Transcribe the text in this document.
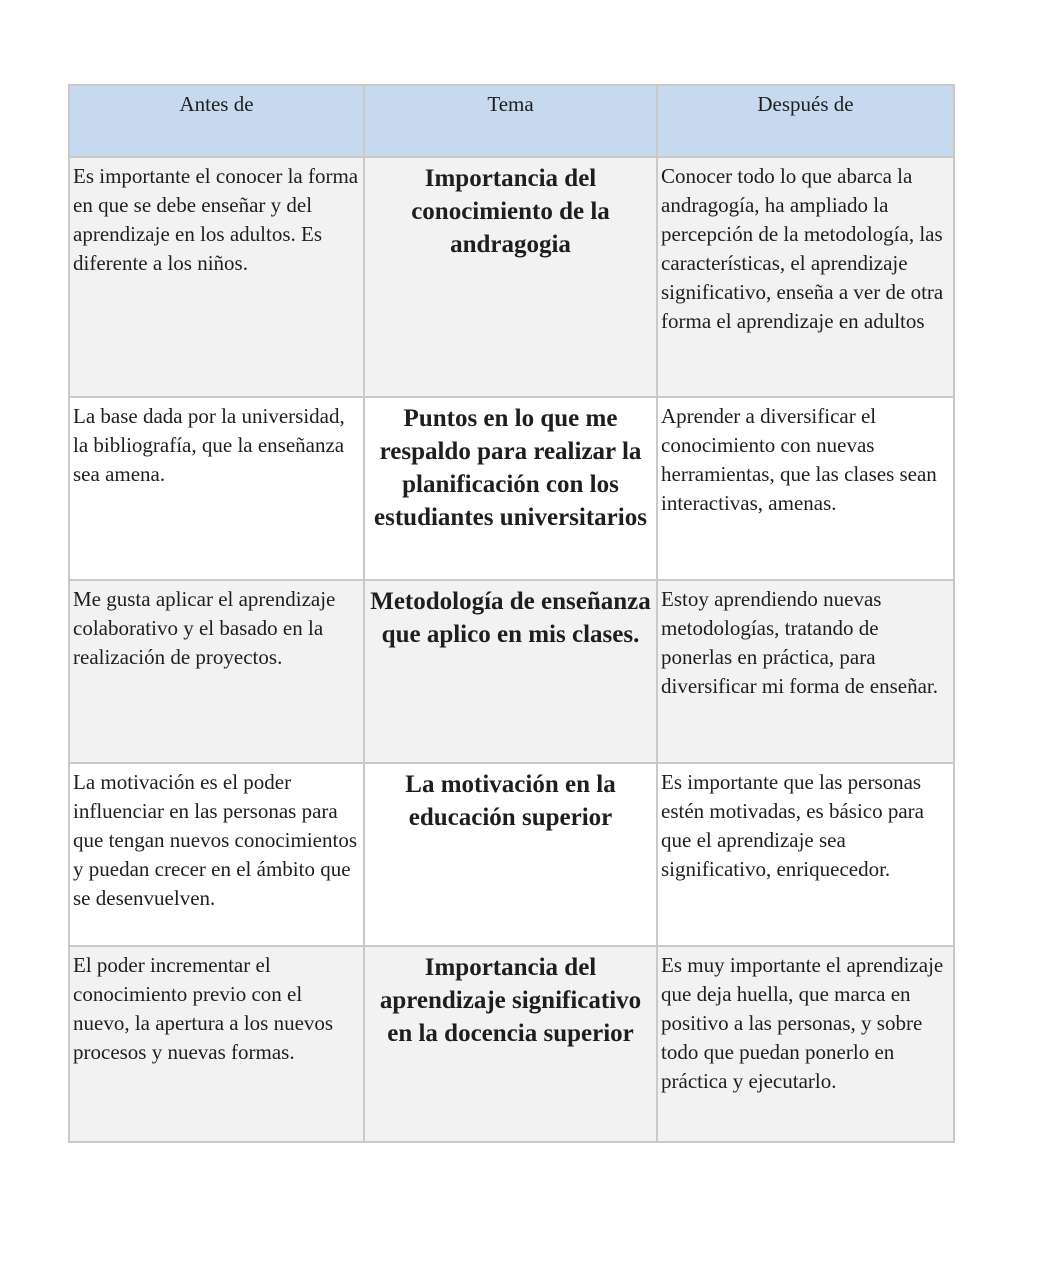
Antes de	Tema	Después de
Es importante el conocer la forma en que se debe enseñar y del aprendizaje en los adultos. Es diferente a los niños.	Importancia del conocimiento de la andragogia	Conocer todo lo que abarca la andragogía, ha ampliado la percepción de la metodología, las características, el aprendizaje significativo, enseña a ver de otra forma el aprendizaje en adultos
La base dada por la universidad, la bibliografía, que la enseñanza sea amena.	Puntos en lo que me respaldo para realizar la planificación con los estudiantes universitarios	Aprender a diversificar el conocimiento con nuevas herramientas, que las clases sean interactivas, amenas.
Me gusta aplicar el aprendizaje colaborativo y el basado en la realización de proyectos.	Metodología de enseñanza que aplico en mis clases.	Estoy aprendiendo nuevas metodologías, tratando de ponerlas en práctica, para diversificar mi forma de enseñar.
La motivación es el poder influenciar en las personas para que tengan nuevos conocimientos y puedan crecer en el ámbito que se desenvuelven.	La motivación en la educación superior	Es importante que las personas estén motivadas, es básico para que el aprendizaje sea significativo, enriquecedor.
El poder incrementar el conocimiento previo con el nuevo, la apertura a los nuevos procesos y nuevas formas.	Importancia del aprendizaje significativo en la docencia superior	Es muy importante el aprendizaje que deja huella, que marca en positivo a las personas, y sobre todo que puedan ponerlo en práctica y ejecutarlo.
